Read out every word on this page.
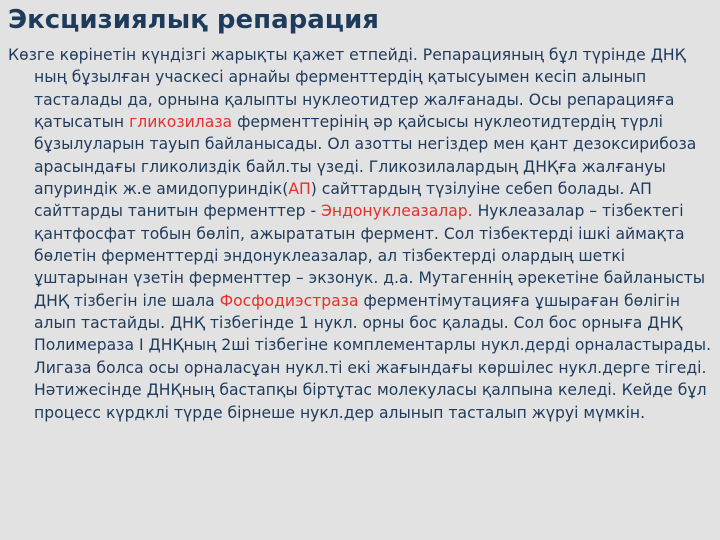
Эксцизиялық репарация

Көзге көрінетін күндізгі жарықты қажет етпейді. Репарацияның бұл түрінде ДНҚ ның бұзылған учаскесі арнайы ферменттердің қатысуымен кесіп алынып тасталады да, орнына қалыпты нуклеотидтер жалғанады. Осы репарацияға қатысатын гликозилаза ферменттерінің әр қайсысы нуклеотидтердің түрлі бұзылуларын тауып байланысады. Ол азотты негіздер мен қант дезоксирибоза арасындағы гликолиздік байл.ты үзеді. Гликозилалардың ДНҚға жалғануы апуриндік ж.е амидопуриндік(АП) сайттардың түзілуіне себеп болады. АП сайттарды танитын ферменттер - Эндонуклеазалар. Нуклеазалар – тізбектегі қантфосфат тобын бөліп, ажырататын фермент. Сол тізбектерді ішкі аймақта бөлетін ферменттерді эндонуклеазалар, ал тізбектерді олардың шеткі ұштарынан үзетін ферменттер – экзонук. д.а. Мутагеннің әрекетіне байланысты ДНҚ тізбегін іле шала Фосфодиэстраза ферментімутацияға ұшыраған бөлігін алып тастайды. ДНҚ тізбегінде 1 нукл. орны бос қалады. Сол бос орныға ДНҚ Полимераза I ДНҚның 2ші тізбегіне комплементарлы нукл.дерді орналастырады. Лигаза болса осы орналасұан нукл.ті екі жағындағы көршілес нукл.дерге тігеді. Нәтижесінде ДНҚның бастапқы біртұтас молекуласы қалпына келеді. Кейде бұл процесс күрдклі түрде бірнеше нукл.дер алынып тасталып жүруі мүмкін.
